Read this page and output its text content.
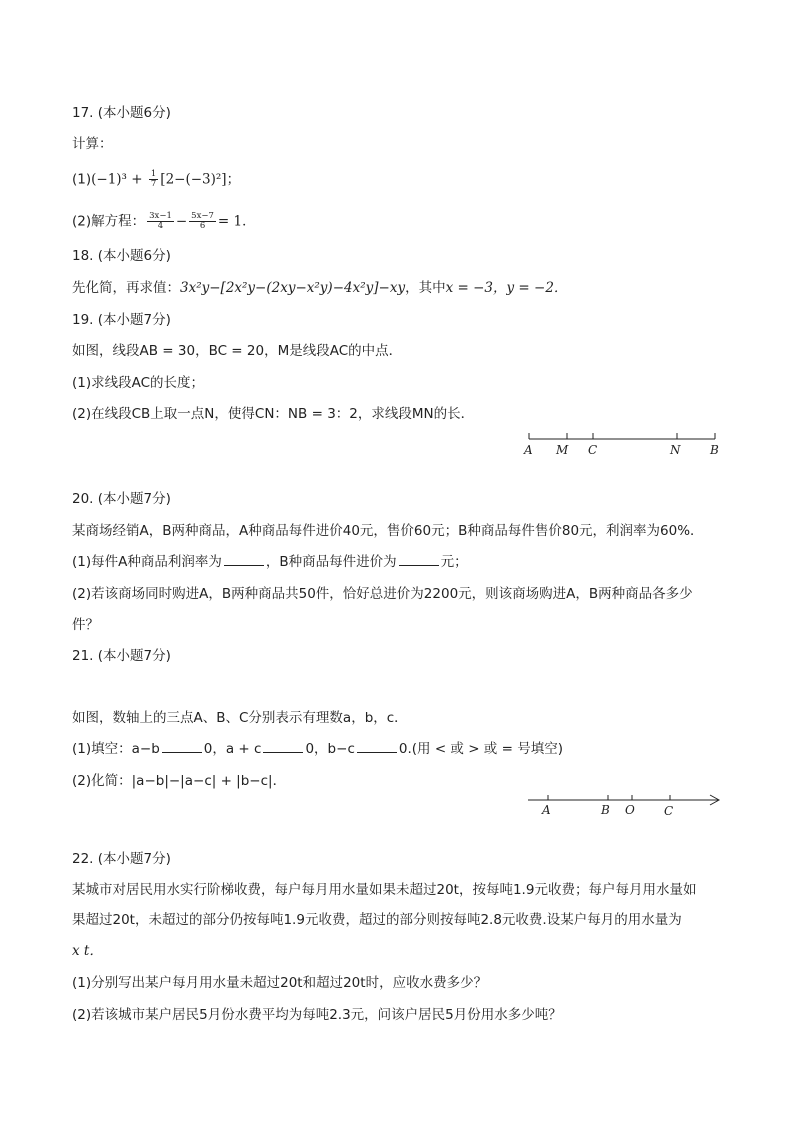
17. (本小题6分)
计算：
$(1)(-1)^3 + \frac{1}{7} [2-(-3)^2]$；
(2)解方程： $\frac{3x-1}{4} - \frac{5x-7}{6} = 1$．
18. (本小题6分)
先化简，再求值：3x²y−[2x²y−(2xy−x²y)−4x²y]−xy，其中x = −3，y = −2．
19. (本小题7分)
如图，线段AB = 30，BC = 20，M是线段AC的中点．
(1)求线段AC的长度；
(2)在线段CB上取一点N，使得CN：NB = 3：2，求线段MN的长．
A M C	N B
20. (本小题7分)
某商场经销A，B两种商品，A种商品每件进价40元，售价60元；B种商品每件售价80元，利润率为60%．
(1)每件A种商品利润率为	，B种商品每件进价为	元；
(2)若该商场同时购进A，B两种商品共50件，恰好总进价为2200元，则该商场购进A，B两种商品各多少
件？
21. (本小题7分)
如图，数轴上的三点A、B、C分别表示有理数a，b，c．
(1)填空：a−b	0，a + c	0，b−c	0.(用 < 或 > 或 = 号填空)
(2)化简：|a−b|−|a−c| + |b−c|．
A	B O C
22. (本小题7分)
某城市对居民用水实行阶梯收费，每户每月用水量如果未超过20t，按每吨1.9元收费；每户每月用水量如
果超过20t，未超过的部分仍按每吨1.9元收费，超过的部分则按每吨2.8元收费.设某户每月的用水量为
x t．
(1)分别写出某户每月用水量未超过20t和超过20t时，应收水费多少？
(2)若该城市某户居民5月份水费平均为每吨2.3元，问该户居民5月份用水多少吨？
